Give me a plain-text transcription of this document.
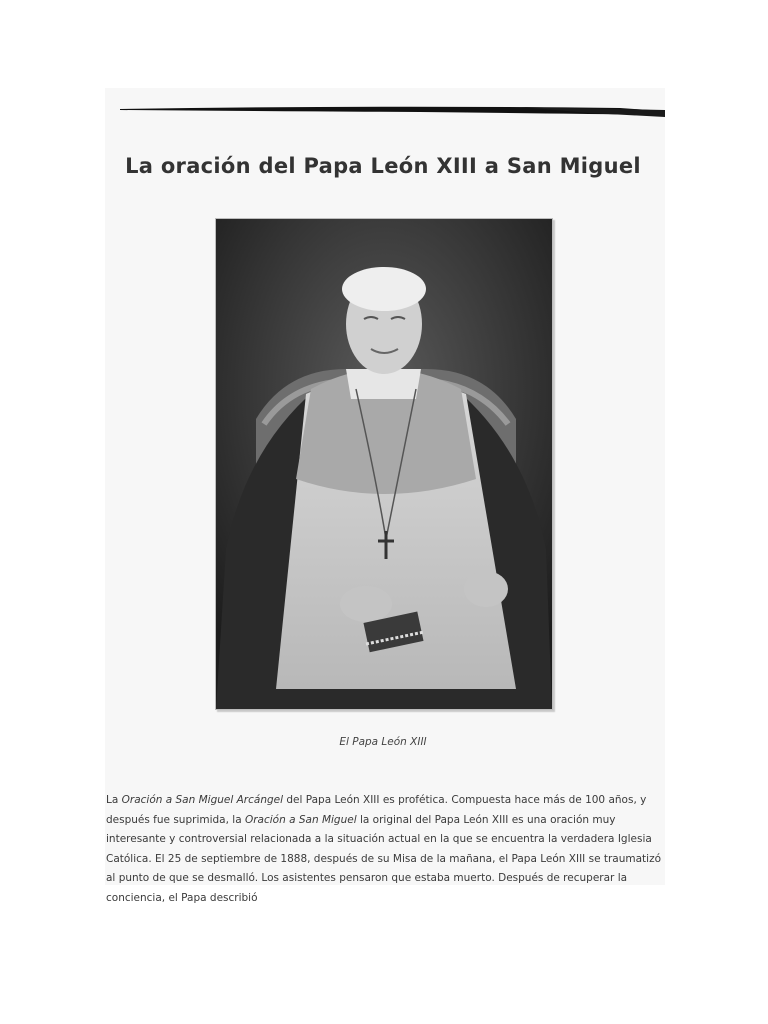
La oración del Papa León XIII a San Miguel
El Papa León XIII

La Oración a San Miguel Arcángel del Papa León XIII es profética. Compuesta hace más de 100 años, y después fue suprimida, la Oración a San Miguel la original del Papa León XIII es una oración muy interesante y controversial relacionada a la situación actual en la que se encuentra la verdadera Iglesia Católica. El 25 de septiembre de 1888, después de su Misa de la mañana, el Papa León XIII se traumatizó al punto de que se desmalló. Los asistentes pensaron que estaba muerto. Después de recuperar la conciencia, el Papa describió
